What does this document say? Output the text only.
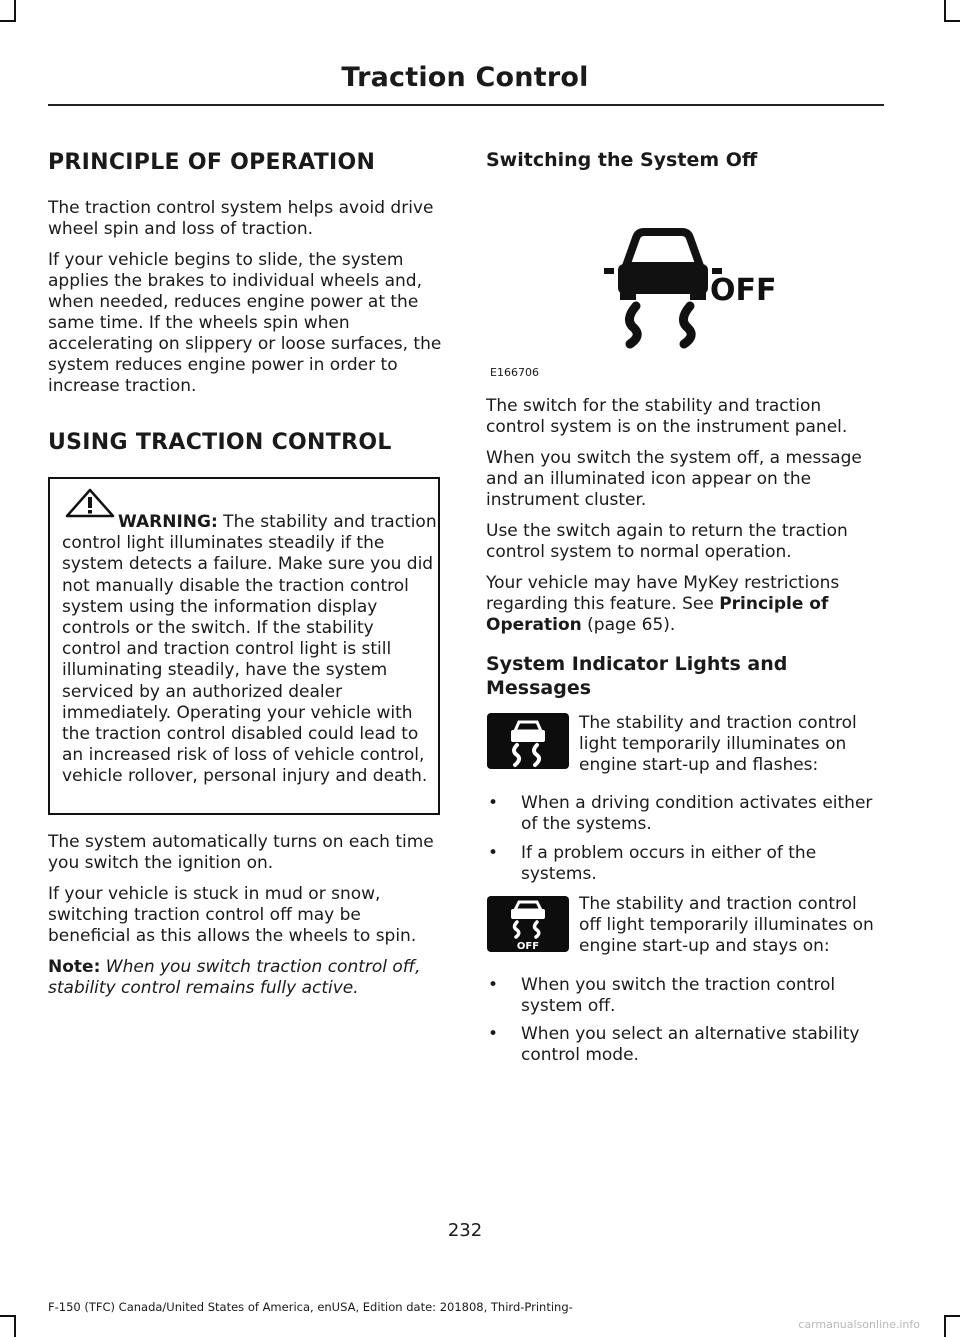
Traction Control
PRINCIPLE OF OPERATION

The traction control system helps avoid drive wheel spin and loss of traction.

If your vehicle begins to slide, the system applies the brakes to individual wheels and, when needed, reduces engine power at the same time. If the wheels spin when accelerating on slippery or loose surfaces, the system reduces engine power in order to increase traction.

USING TRACTION CONTROL
WARNING: The stability and traction control light illuminates steadily if the system detects a failure. Make sure you did not manually disable the traction control system using the information display controls or the switch. If the stability control and traction control light is still illuminating steadily, have the system serviced by an authorized dealer immediately. Operating your vehicle with the traction control disabled could lead to an increased risk of loss of vehicle control, vehicle rollover, personal injury and death.

The system automatically turns on each time you switch the ignition on.

If your vehicle is stuck in mud or snow, switching traction control off may be beneficial as this allows the wheels to spin.

Note: When you switch traction control off, stability control remains fully active.

Switching the System Off
OFF
E166706

The switch for the stability and traction control system is on the instrument panel.

When you switch the system off, a message and an illuminated icon appear on the instrument cluster.

Use the switch again to return the traction control system to normal operation.

Your vehicle may have MyKey restrictions regarding this feature. See Principle of Operation (page 65).

System Indicator Lights and Messages
The stability and traction control light temporarily illuminates on engine start-up and flashes:
• When a driving condition activates either of the systems.
• If a problem occurs in either of the systems.
OFF
The stability and traction control off light temporarily illuminates on engine start-up and stays on:
• When you switch the traction control system off.
• When you select an alternative stability control mode.
232
F-150 (TFC) Canada/United States of America, enUSA, Edition date: 201808, Third-Printing-
carmanualsonline.info
